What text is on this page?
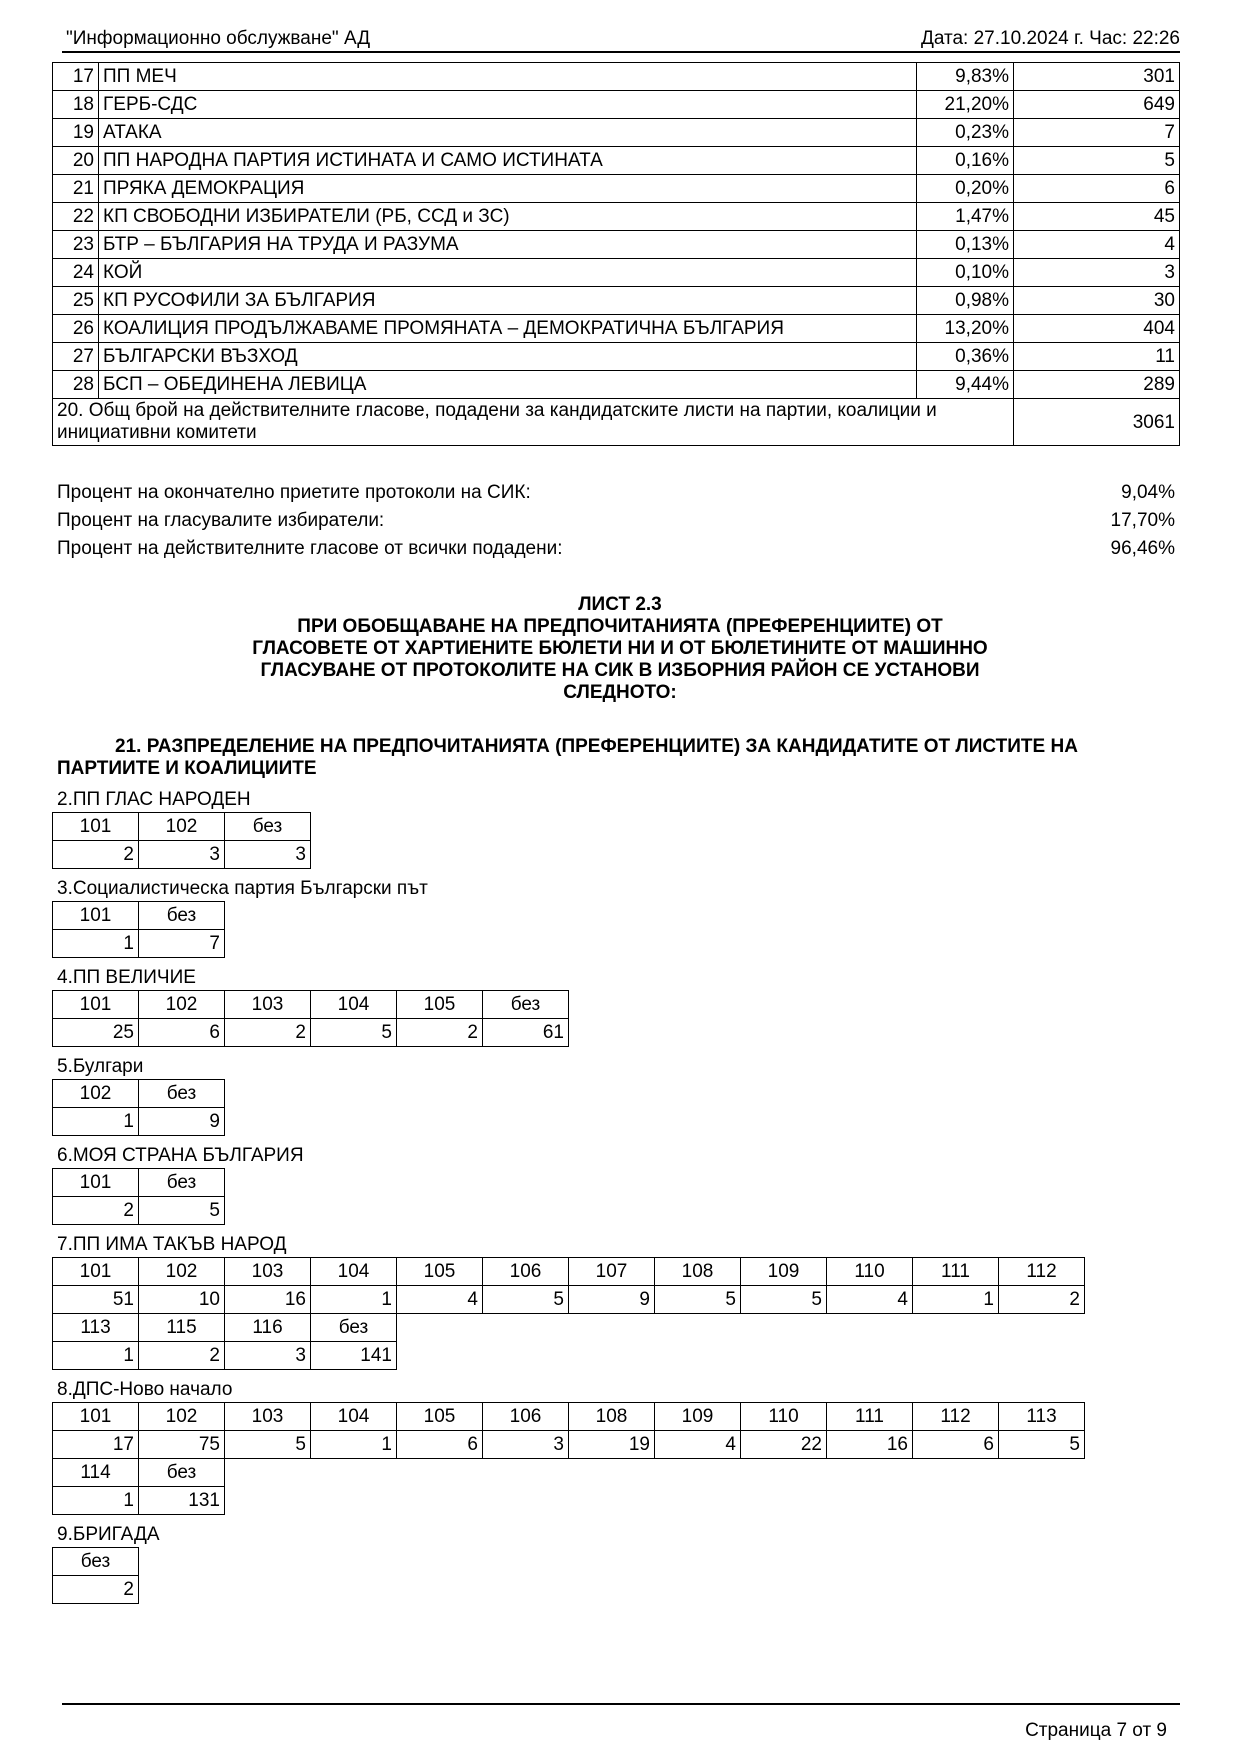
"Информационно обслужване" АД	Дата: 27.10.2024 г. Час: 22:26
17	ПП МЕЧ	9,83%	301
18	ГЕРБ-СДС	21,20%	649
19	АТАКА	0,23%	7
20	ПП НАРОДНА ПАРТИЯ ИСТИНАТА И САМО ИСТИНАТА	0,16%	5
21	ПРЯКА ДЕМОКРАЦИЯ	0,20%	6
22	КП СВОБОДНИ ИЗБИРАТЕЛИ (РБ, ССД и ЗС)	1,47%	45
23	БТР – БЪЛГАРИЯ НА ТРУДА И РАЗУМА	0,13%	4
24	КОЙ	0,10%	3
25	КП РУСОФИЛИ ЗА БЪЛГАРИЯ	0,98%	30
26	КОАЛИЦИЯ ПРОДЪЛЖАВАМЕ ПРОМЯНАТА – ДЕМОКРАТИЧНА БЪЛГАРИЯ	13,20%	404
27	БЪЛГАРСКИ ВЪЗХОД	0,36%	11
28	БСП – ОБЕДИНЕНА ЛЕВИЦА	9,44%	289
20. Общ брой на действителните гласове, подадени за кандидатските листи на партии, коалиции и инициативни комитети			3061
Процент на окончателно приетите протоколи на СИК:	9,04%
Процент на гласувалите избиратели:	17,70%
Процент на действителните гласове от всички подадени:	96,46%
ЛИСТ 2.3
ПРИ ОБОБЩАВАНЕ НА ПРЕДПОЧИТАНИЯТА (ПРЕФЕРЕНЦИИТЕ) ОТ
ГЛАСОВЕТЕ ОТ ХАРТИЕНИТЕ БЮЛЕТИ НИ И ОТ БЮЛЕТИНИТЕ ОТ МАШИННО
ГЛАСУВАНЕ ОТ ПРОТОКОЛИТЕ НА СИК В ИЗБОРНИЯ РАЙОН СЕ УСТАНОВИ
СЛЕДНОТО:
21. РАЗПРЕДЕЛЕНИЕ НА ПРЕДПОЧИТАНИЯТА (ПРЕФЕРЕНЦИИТЕ) ЗА КАНДИДАТИТЕ ОТ ЛИСТИТЕ НА
ПАРТИИТЕ И КОАЛИЦИИТЕ
2.ПП ГЛАС НАРОДЕН
101	102	без
2	3	3
3.Социалистическа партия Български път
101	без
1	7
4.ПП ВЕЛИЧИЕ
101	102	103	104	105	без
25	6	2	5	2	61
5.Булгари
102	без
1	9
6.МОЯ СТРАНА БЪЛГАРИЯ
101	без
2	5
7.ПП ИМА ТАКЪВ НАРОД
101	102	103	104	105	106	107	108	109	110	111	112
51	10	16	1	4	5	9	5	5	4	1	2
113	115	116	без
1	2	3	141
8.ДПС-Ново начало
101	102	103	104	105	106	108	109	110	111	112	113
17	75	5	1	6	3	19	4	22	16	6	5
114	без
1	131
9.БРИГАДА
без
2
Страница 7 от 9
